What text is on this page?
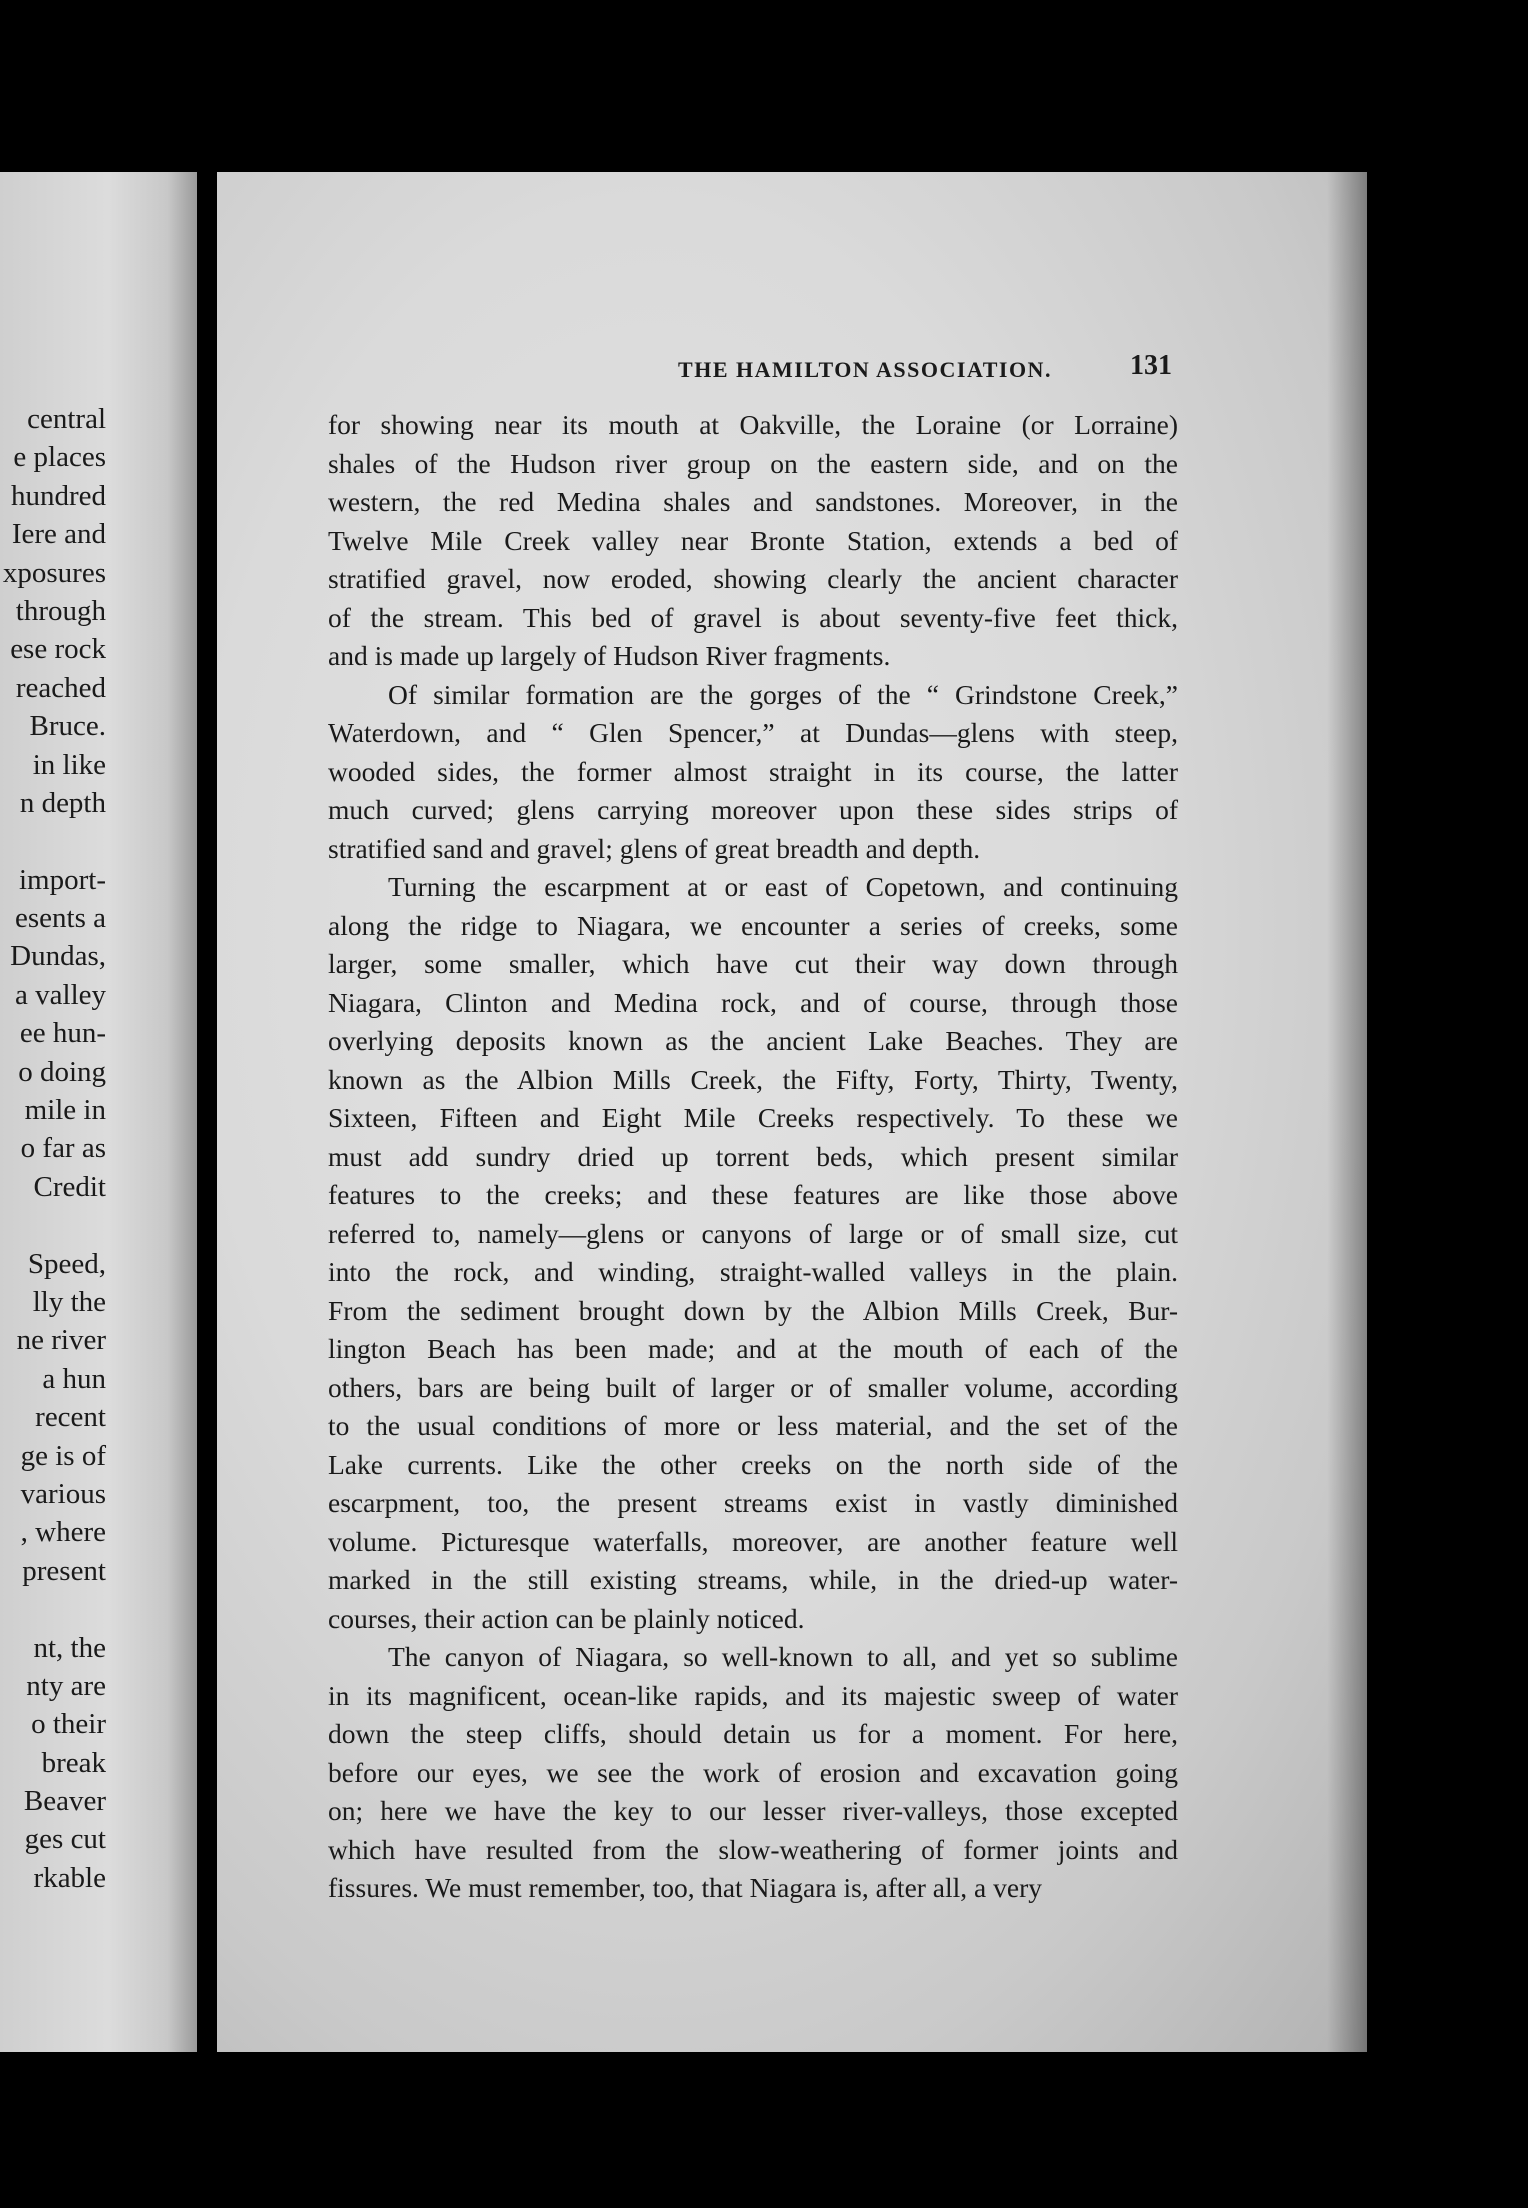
central
e places
hundred
Iere and
xposures
through
ese rock
reached
Bruce.
in like
n depth
import-
esents a
Dundas,
a valley
ee hun-
o doing
mile in
o far as
Credit
Speed,
lly the
ne river
a hun
recent
ge is of
various
, where
present
nt, the
nty are
o their
break
Beaver
ges cut
rkable
THE HAMILTON ASSOCIATION.	131
for showing near its mouth at Oakville, the Loraine (or Lorraine)
shales of the Hudson river group on the eastern side, and on the
western, the red Medina shales and sandstones. Moreover, in the
Twelve Mile Creek valley near Bronte Station, extends a bed of
stratified gravel, now eroded, showing clearly the ancient character
of the stream. This bed of gravel is about seventy-five feet thick,
and is made up largely of Hudson River fragments.
Of similar formation are the gorges of the “ Grindstone Creek,”
Waterdown, and “ Glen Spencer,” at Dundas—glens with steep,
wooded sides, the former almost straight in its course, the latter
much curved; glens carrying moreover upon these sides strips of
stratified sand and gravel; glens of great breadth and depth.
Turning the escarpment at or east of Copetown, and continuing
along the ridge to Niagara, we encounter a series of creeks, some
larger, some smaller, which have cut their way down through
Niagara, Clinton and Medina rock, and of course, through those
overlying deposits known as the ancient Lake Beaches. They are
known as the Albion Mills Creek, the Fifty, Forty, Thirty, Twenty,
Sixteen, Fifteen and Eight Mile Creeks respectively. To these we
must add sundry dried up torrent beds, which present similar
features to the creeks; and these features are like those above
referred to, namely—glens or canyons of large or of small size, cut
into the rock, and winding, straight-walled valleys in the plain.
From the sediment brought down by the Albion Mills Creek, Bur-
lington Beach has been made; and at the mouth of each of the
others, bars are being built of larger or of smaller volume, according
to the usual conditions of more or less material, and the set of the
Lake currents. Like the other creeks on the north side of the
escarpment, too, the present streams exist in vastly diminished
volume. Picturesque waterfalls, moreover, are another feature well
marked in the still existing streams, while, in the dried-up water-
courses, their action can be plainly noticed.
The canyon of Niagara, so well-known to all, and yet so sublime
in its magnificent, ocean-like rapids, and its majestic sweep of water
down the steep cliffs, should detain us for a moment. For here,
before our eyes, we see the work of erosion and excavation going
on; here we have the key to our lesser river-valleys, those excepted
which have resulted from the slow-weathering of former joints and
fissures. We must remember, too, that Niagara is, after all, a very
